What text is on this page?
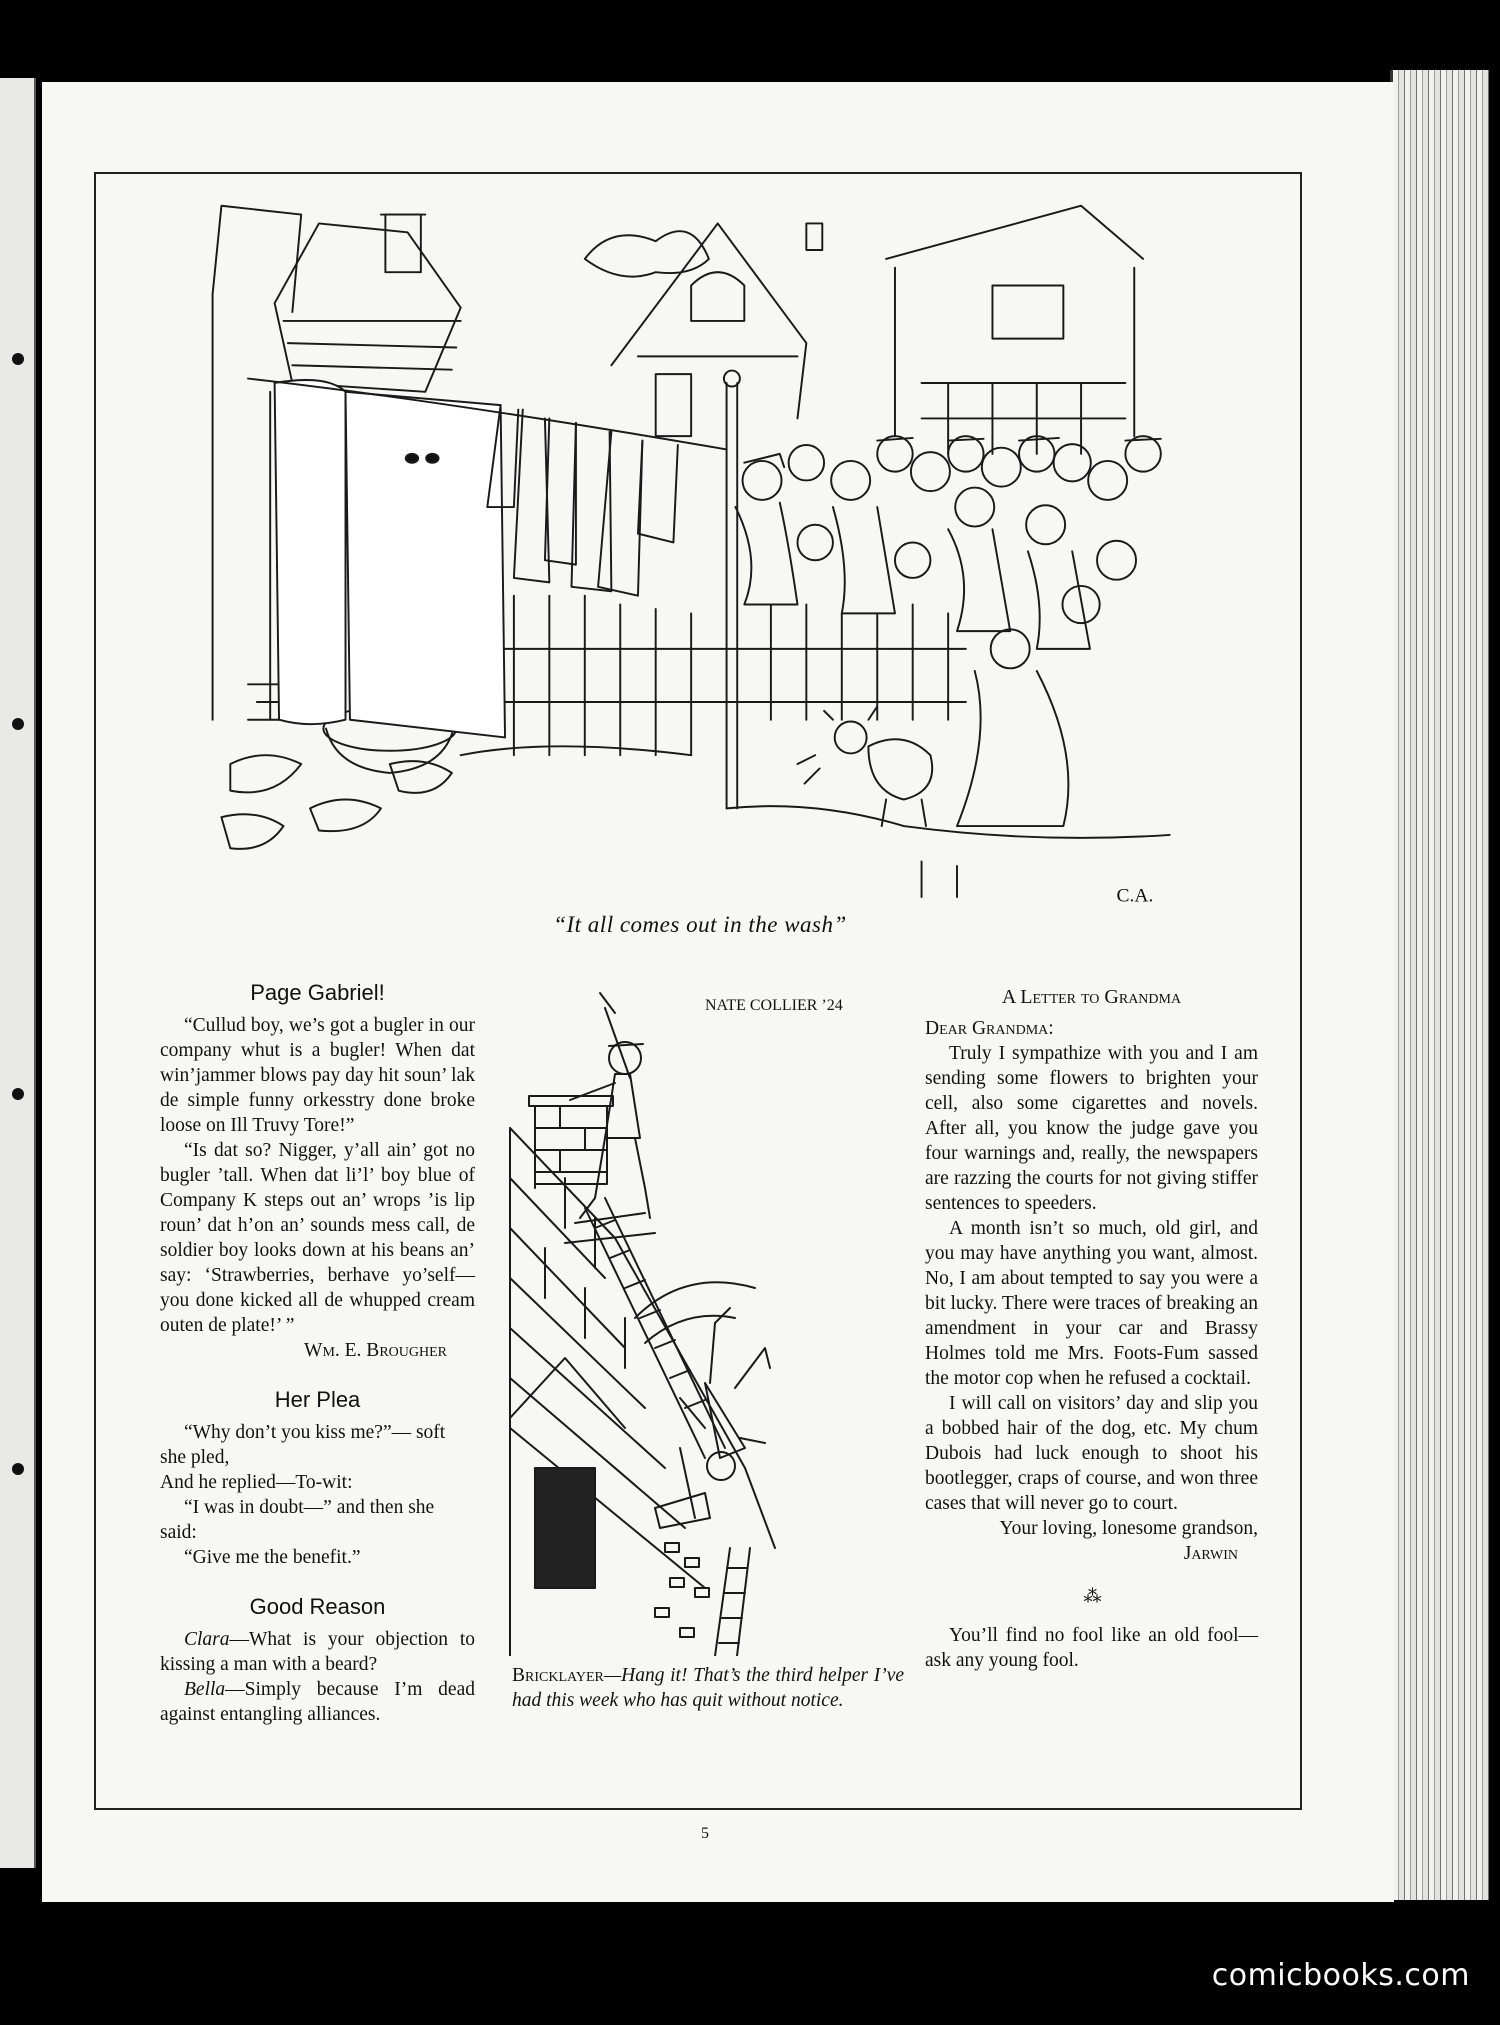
C.A.
“It all comes out in the wash”
Page Gabriel!

“Cullud boy, we’s got a bugler in our company whut is a bugler! When dat win’jammer blows pay day hit soun’ lak de simple funny orkesstry done broke loose on Ill Truvy Tore!”

“Is dat so? Nigger, y’all ain’ got no bugler ’tall. When dat li’l’ boy blue of Company K steps out an’ wrops ’is lip roun’ dat h’on an’ sounds mess call, de soldier boy looks down at his beans an’ say: ‘Strawberries, berhave yo’self—you done kicked all de whupped cream outen de plate!’ ”

Wm. E. Brougher

Her Plea

“Why don’t you kiss me?”— soft she pled,

And he replied—To-wit:

“I was in doubt—” and then she said:

“Give me the benefit.”

Good Reason

Clara—What is your objection to kissing a man with a beard?

Bella—Simply because I’m dead against entangling alliances.

NATE COLLIER ’24
Bricklayer—Hang it! That’s the third helper I’ve had this week who has quit without notice.

A Letter to Grandma

Dear Grandma:

Truly I sympathize with you and I am sending some flowers to brighten your cell, also some cigarettes and novels. After all, you know the judge gave you four warnings and, really, the newspapers are razzing the courts for not giving stiffer sentences to speeders.

A month isn’t so much, old girl, and you may have anything you want, almost. No, I am about tempted to say you were a bit lucky. There were traces of breaking an amendment in your car and Brassy Holmes told me Mrs. Foots-Fum sassed the motor cop when he refused a cocktail.

I will call on visitors’ day and slip you a bobbed hair of the dog, etc. My chum Dubois had luck enough to shoot his bootlegger, craps of course, and won three cases that will never go to court.

Your loving, lonesome grandson,

Jarwin

⁂

You’ll find no fool like an old fool—ask any young fool.

5
comicbooks.com
